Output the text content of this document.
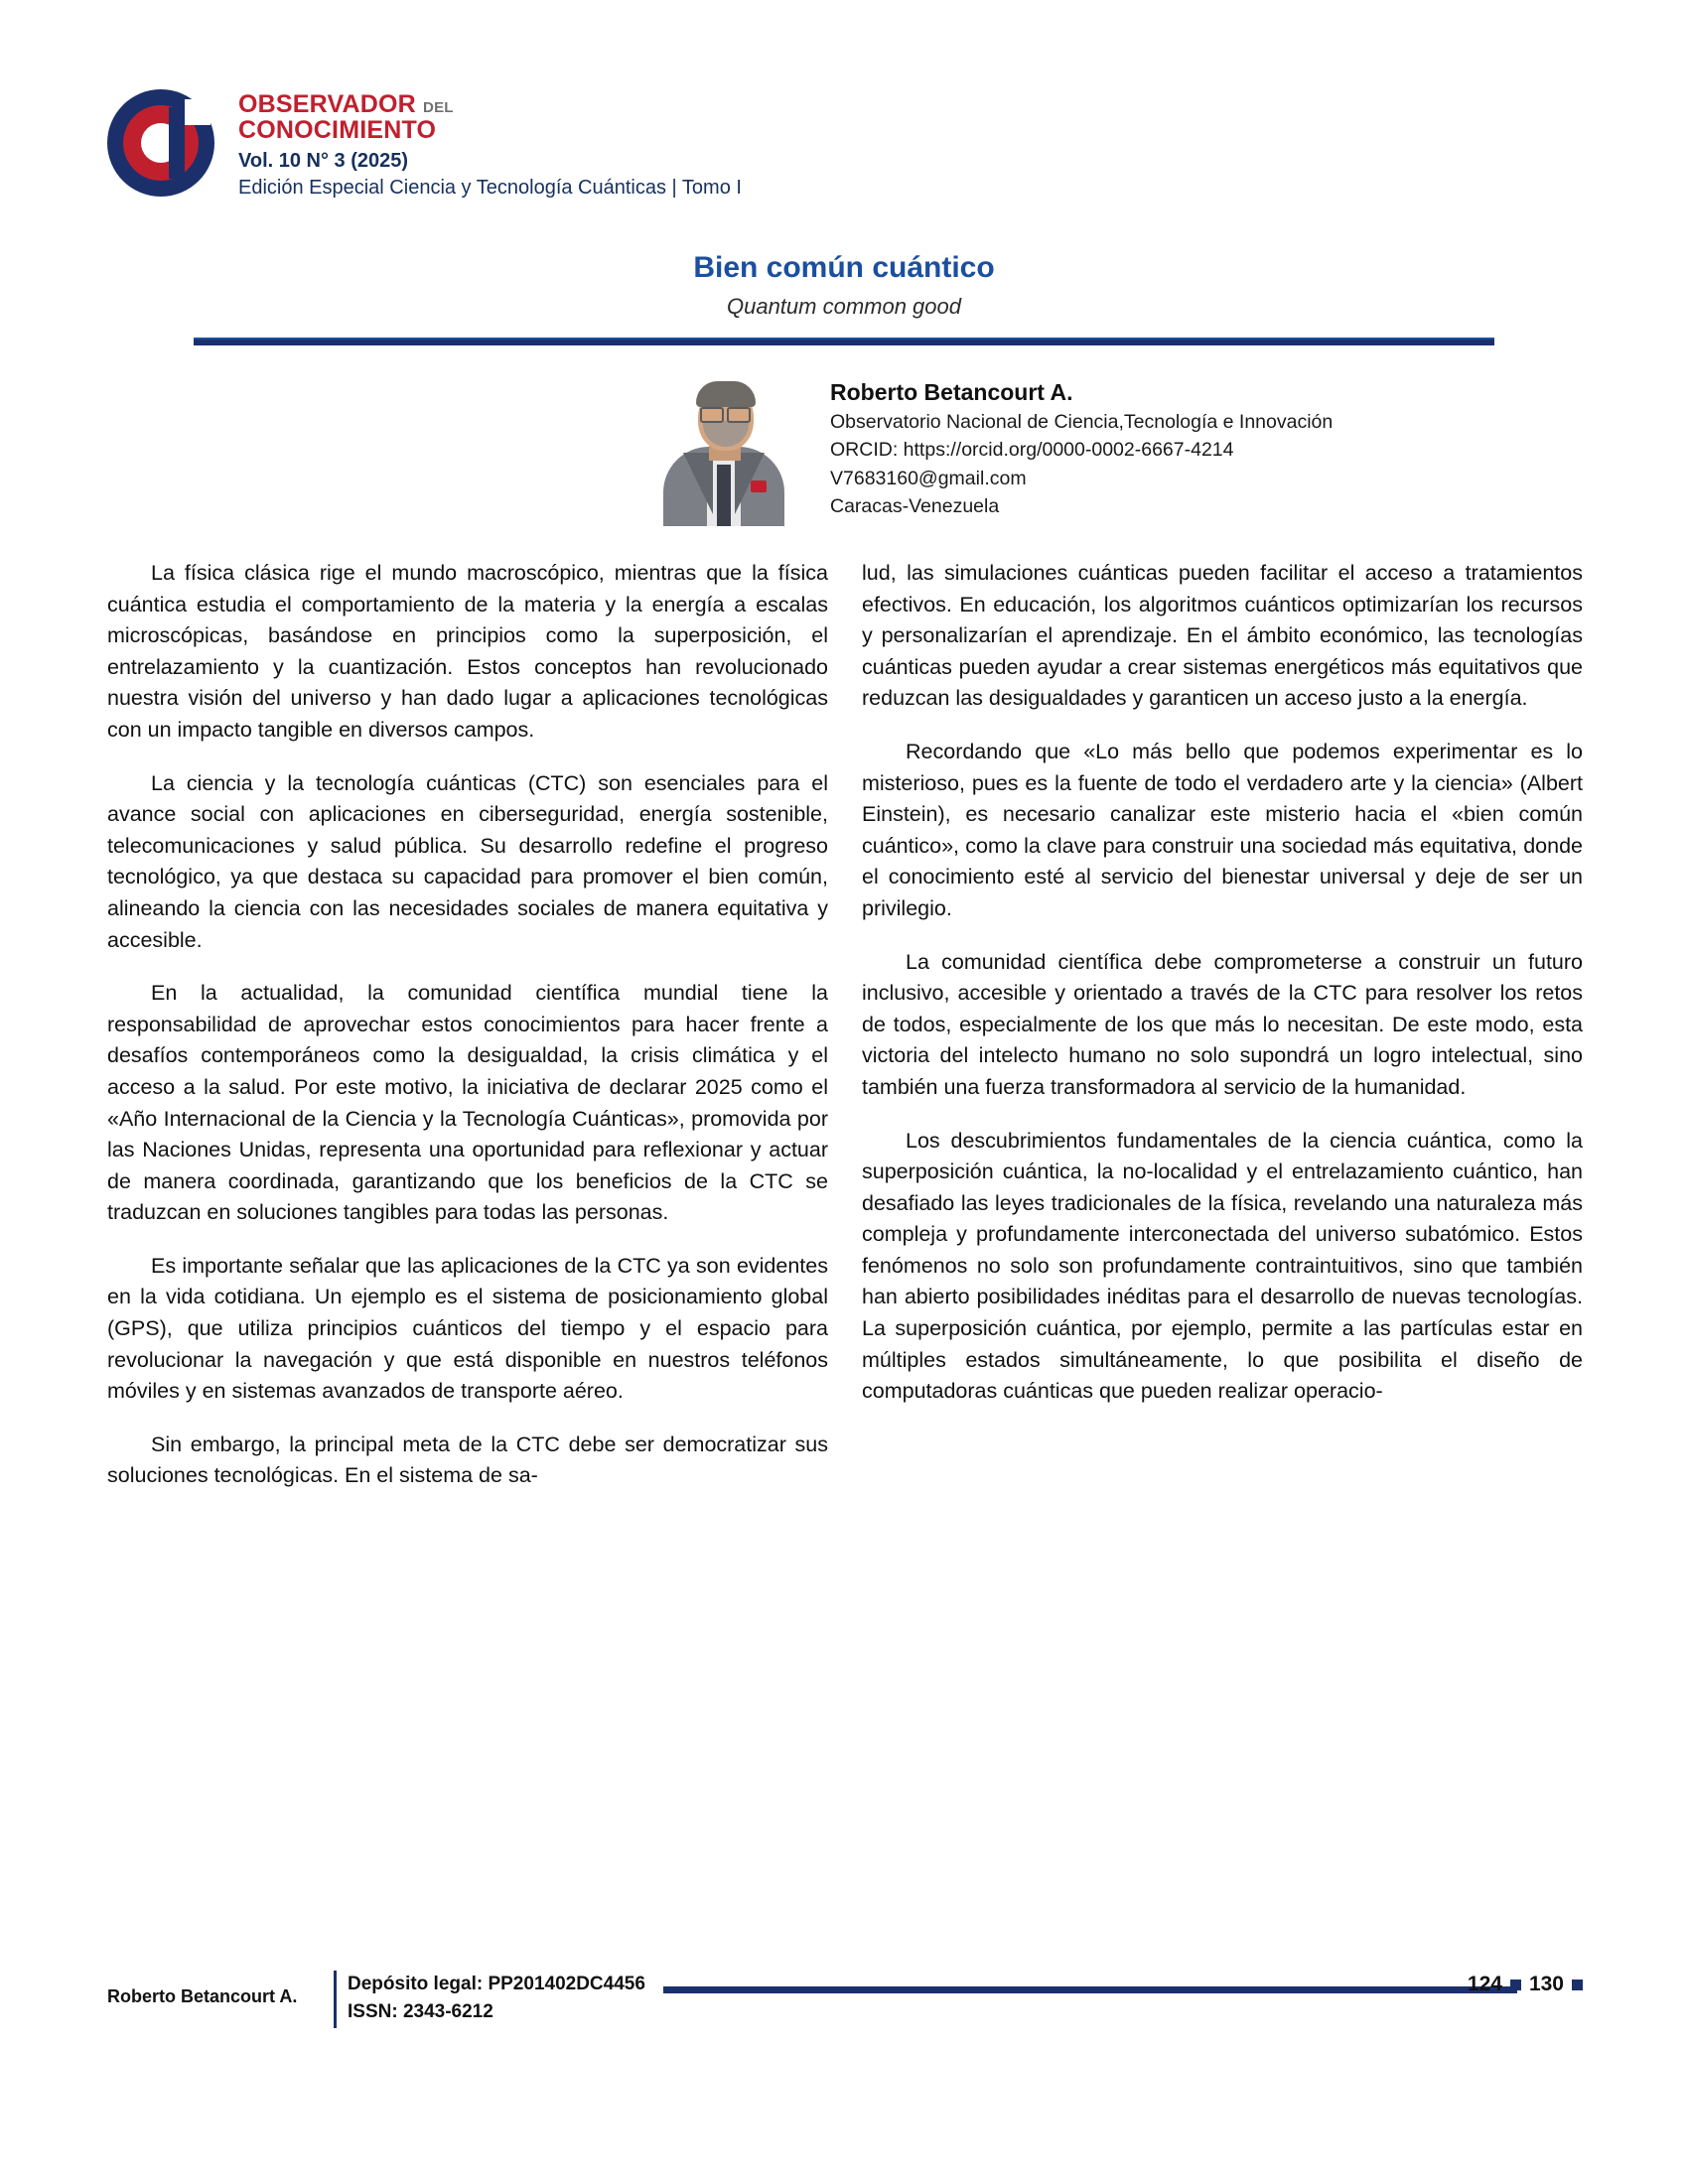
OBSERVADOR DEL
CONOCIMIENTO
Vol. 10 N° 3 (2025)
Edición Especial Ciencia y Tecnología Cuánticas | Tomo I
Bien común cuántico
Quantum common good
Roberto Betancourt A.
Observatorio Nacional de Ciencia,Tecnología e Innovación
ORCID: https://orcid.org/0000-0002-6667-4214
V7683160@gmail.com
Caracas-Venezuela

La física clásica rige el mundo macroscópico, mientras que la física cuántica estudia el comportamiento de la materia y la energía a escalas microscópicas, basándose en principios como la superposición, el entrelazamiento y la cuantización. Estos conceptos han revolucionado nuestra visión del universo y han dado lugar a aplicaciones tecnológicas con un impacto tangible en diversos campos.

La ciencia y la tecnología cuánticas (CTC) son esenciales para el avance social con aplicaciones en ciberseguridad, energía sostenible, telecomunicaciones y salud pública. Su desarrollo redefine el progreso tecnológico, ya que destaca su capacidad para promover el bien común, alineando la ciencia con las necesidades sociales de manera equitativa y accesible.

En la actualidad, la comunidad científica mundial tiene la responsabilidad de aprovechar estos conocimientos para hacer frente a desafíos contemporáneos como la desigualdad, la crisis climática y el acceso a la salud. Por este motivo, la iniciativa de declarar 2025 como el «Año Internacional de la Ciencia y la Tecnología Cuánticas», promovida por las Naciones Unidas, representa una oportunidad para reflexionar y actuar de manera coordinada, garantizando que los beneficios de la CTC se traduzcan en soluciones tangibles para todas las personas.

Es importante señalar que las aplicaciones de la CTC ya son evidentes en la vida cotidiana. Un ejemplo es el sistema de posicionamiento global (GPS), que utiliza principios cuánticos del tiempo y el espacio para revolucionar la navegación y que está disponible en nuestros teléfonos móviles y en sistemas avanzados de transporte aéreo.

Sin embargo, la principal meta de la CTC debe ser democratizar sus soluciones tecnológicas. En el sistema de sa-

lud, las simulaciones cuánticas pueden facilitar el acceso a tratamientos efectivos. En educación, los algoritmos cuánticos optimizarían los recursos y personalizarían el aprendizaje. En el ámbito económico, las tecnologías cuánticas pueden ayudar a crear sistemas energéticos más equitativos que reduzcan las desigualdades y garanticen un acceso justo a la energía.

Recordando que «Lo más bello que podemos experimentar es lo misterioso, pues es la fuente de todo el verdadero arte y la ciencia» (Albert Einstein), es necesario canalizar este misterio hacia el «bien común cuántico», como la clave para construir una sociedad más equitativa, donde el conocimiento esté al servicio del bienestar universal y deje de ser un privilegio.

La comunidad científica debe comprometerse a construir un futuro inclusivo, accesible y orientado a través de la CTC para resolver los retos de todos, especialmente de los que más lo necesitan. De este modo, esta victoria del intelecto humano no solo supondrá un logro intelectual, sino también una fuerza transformadora al servicio de la humanidad.

Los descubrimientos fundamentales de la ciencia cuántica, como la superposición cuántica, la no-localidad y el entrelazamiento cuántico, han desafiado las leyes tradicionales de la física, revelando una naturaleza más compleja y profundamente interconectada del universo subatómico. Estos fenómenos no solo son profundamente contraintuitivos, sino que también han abierto posibilidades inéditas para el desarrollo de nuevas tecnologías. La superposición cuántica, por ejemplo, permite a las partículas estar en múltiples estados simultáneamente, lo que posibilita el diseño de computadoras cuánticas que pueden realizar operacio-

Roberto Betancourt A.
Depósito legal: PP201402DC4456
ISSN: 2343-6212
124 130
